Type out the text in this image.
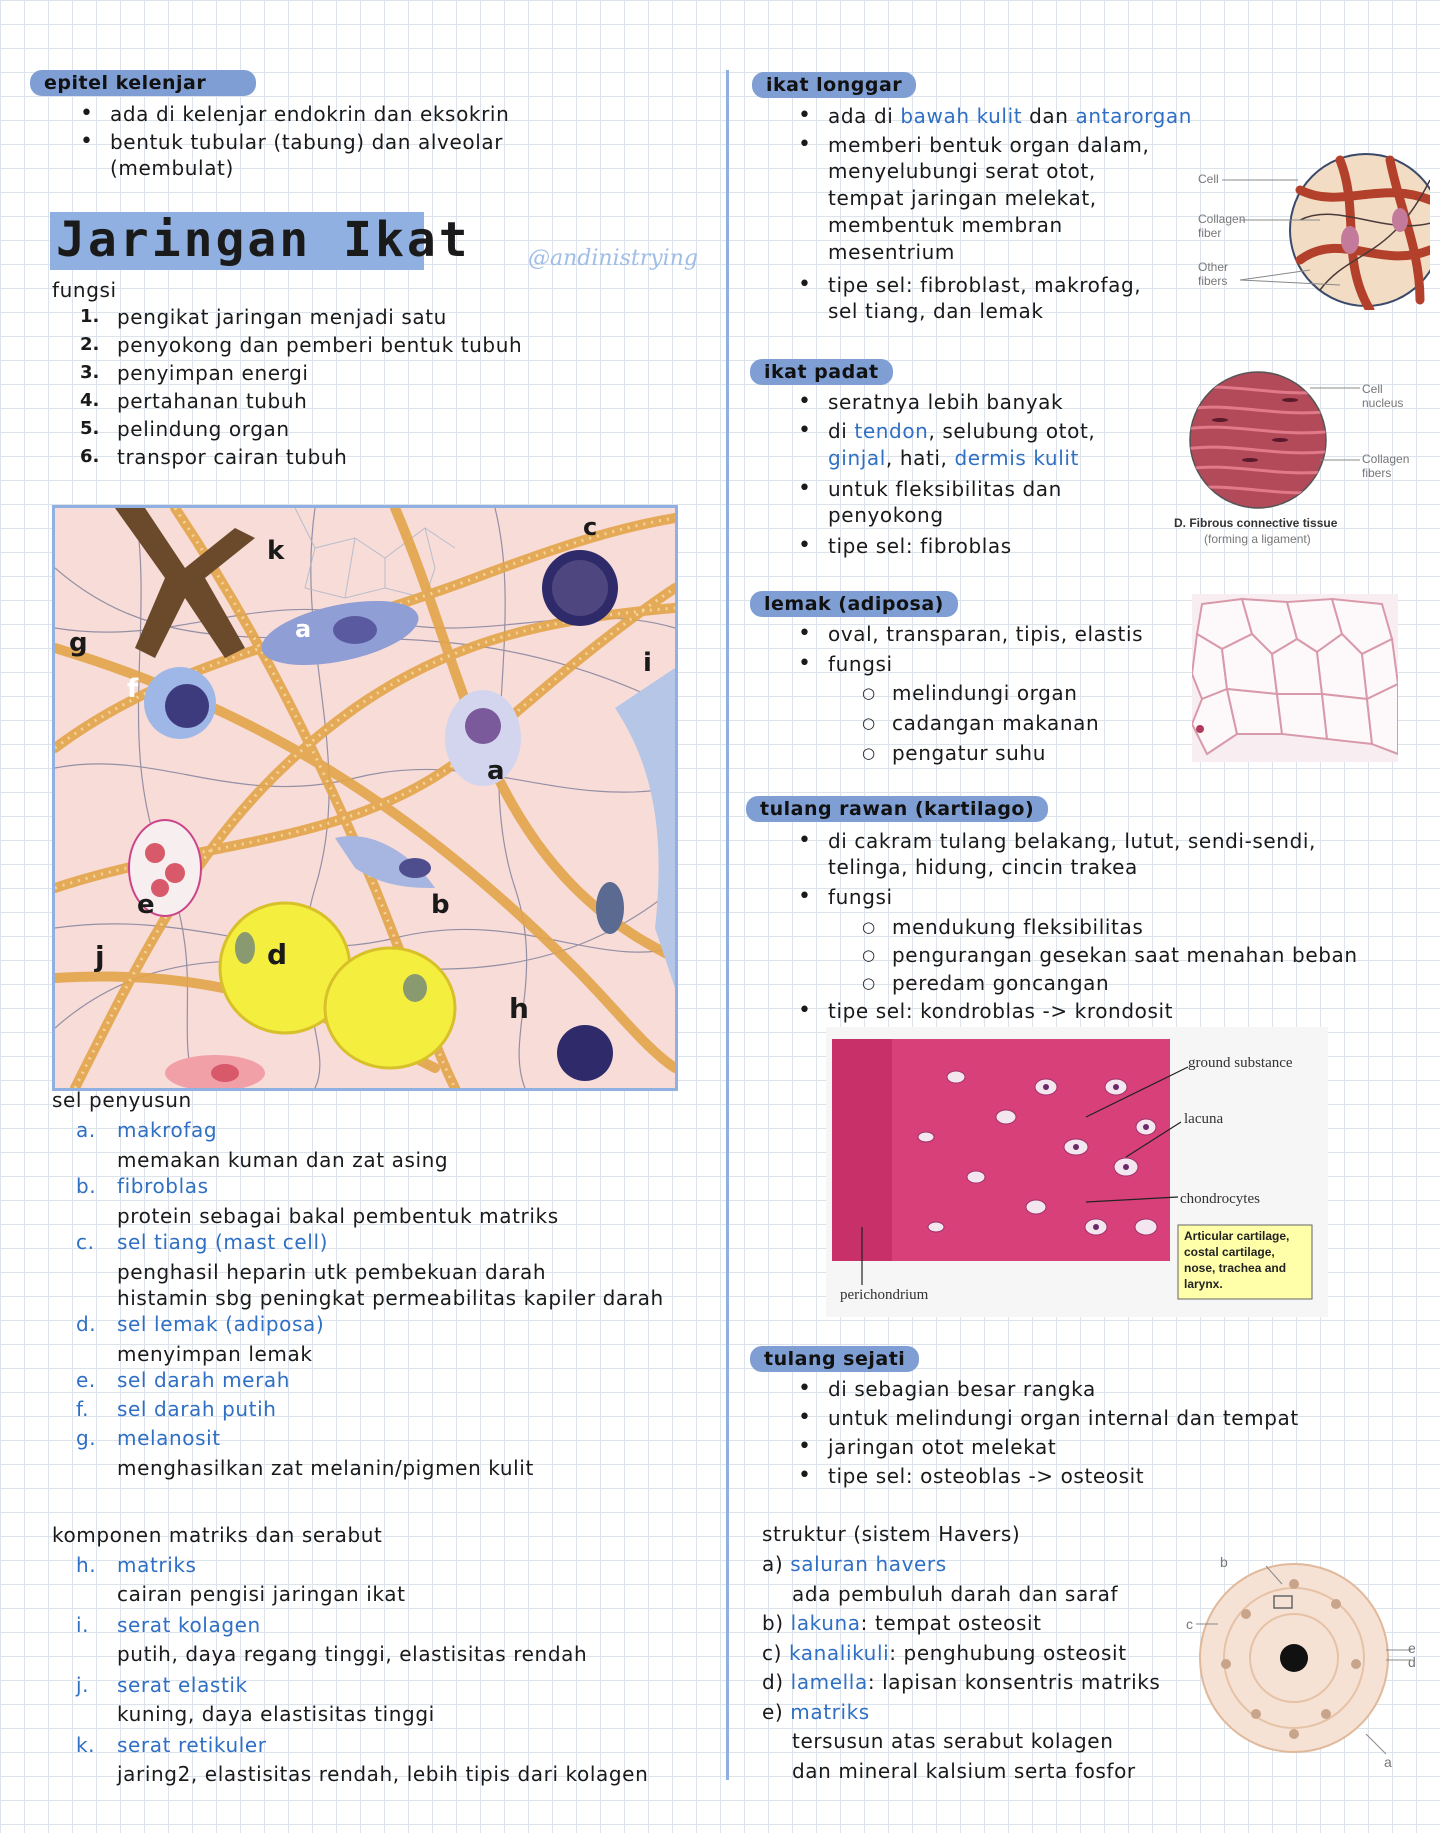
epitel kelenjar
• ada di kelenjar endokrin dan eksokrin
• bentuk tubular (tabung) dan alveolar
(membulat)
Jaringan Ikat	@andinistrying
fungsi
1. pengikat jaringan menjadi satu
2. penyokong dan pemberi bentuk tubuh
3. penyimpan energi
4. pertahanan tubuh
5. pelindung organ
6. transpor cairan tubuh
k
c
a
g
f
i
a
e	b
d
j
h
sel penyusun
a. makrofag
memakan kuman dan zat asing
b. fibroblas
protein sebagai bakal pembentuk matriks
c. sel tiang (mast cell)
penghasil heparin utk pembekuan darah
histamin sbg peningkat permeabilitas kapiler darah
d. sel lemak (adiposa)
menyimpan lemak
e. sel darah merah
f. sel darah putih
g. melanosit
menghasilkan zat melanin/pigmen kulit
komponen matriks dan serabut
h. matriks
cairan pengisi jaringan ikat
i. serat kolagen
putih, daya regang tinggi, elastisitas rendah
j. serat elastik
kuning, daya elastisitas tinggi
k. serat retikuler
jaring2, elastisitas rendah, lebih tipis dari kolagen
ikat longgar
• ada di bawah kulit dan antarorgan
• memberi bentuk organ dalam,
menyelubungi serat otot,
tempat jaringan melekat,
membentuk membran
mesentrium
• tipe sel: fibroblast, makrofag,
sel tiang, dan lemak
Cell
Collagen
fiber
Other
fibers
ikat padat
• seratnya lebih banyak
• di tendon, selubung otot,
ginjal, hati, dermis kulit
• untuk fleksibilitas dan
penyokong
• tipe sel: fibroblas
Cell
nucleus
Collagen
fibers
D. Fibrous connective tissue
(forming a ligament)
lemak (adiposa)
• oval, transparan, tipis, elastis
• fungsi
○ melindungi organ
○ cadangan makanan
○ pengatur suhu
tulang rawan (kartilago)
• di cakram tulang belakang, lutut, sendi-sendi,
telinga, hidung, cincin trakea
• fungsi
○ mendukung fleksibilitas
○ pengurangan gesekan saat menahan beban
○ peredam goncangan
• tipe sel: kondroblas -> krondosit
ground substance
lacuna
chondrocytes
perichondrium
Articular cartilage,
costal cartilage,
nose, trachea and
larynx.
tulang sejati
• di sebagian besar rangka
• untuk melindungi organ internal dan tempat
• jaringan otot melekat
• tipe sel: osteoblas -> osteosit
struktur (sistem Havers)
a) saluran havers
ada pembuluh darah dan saraf
b) lakuna: tempat osteosit
c) kanalikuli: penghubung osteosit
d) lamella: lapisan konsentris matriks
e) matriks
tersusun atas serabut kolagen
dan mineral kalsium serta fosfor
b
c
e
d
a
